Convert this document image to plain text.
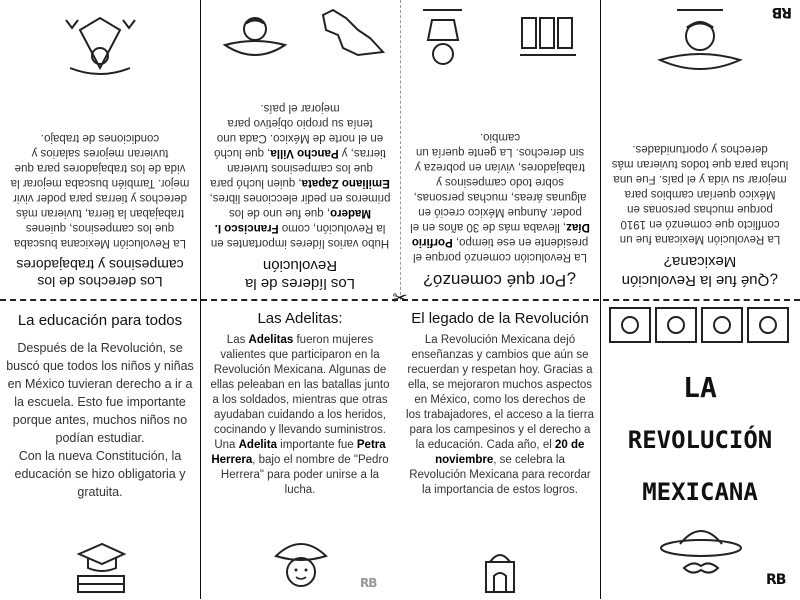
✂
Los derechos de los campesinos y trabajadores
La Revolución Mexicana buscaba que los campesinos, quienes trabajaban la tierra, tuvieran más derechos y tierras para poder vivir mejor. También buscaba mejorar la vida de los trabajadores para que tuvieran mejores salarios y condiciones de trabajo.
Los líderes de la Revolución
Hubo varios líderes importantes en la Revolución, como Francisco I. Madero, que fue uno de los primeros en pedir elecciones libres, Emiliano Zapata, quien luchó para que los campesinos tuvieran tierras, y Pancho Villa, que luchó en el norte de México. Cada uno tenía su propio objetivo para mejorar el país.
¿Por qué comenzó?
La Revolución comenzó porque el presidente en ese tiempo, Porfirio Díaz, llevaba más de 30 años en el poder. Aunque México creció en algunas áreas, muchas personas, sobre todo campesinos y trabajadores, vivían en pobreza y sin derechos. La gente quería un cambio.
¿Qué fue la Revolución Mexicana?
La Revolución Mexicana fue un conflicto que comenzó en 1910 porque muchas personas en México querían cambios para mejorar su vida y el país. Fue una lucha para que todos tuvieran más derechos y oportunidades.
RB
La educación para todos
Después de la Revolución, se buscó que todos los niños y niñas en México tuvieran derecho a ir a la escuela. Esto fue importante porque antes, muchos niños no podían estudiar.
Con la nueva Constitución, la educación se hizo obligatoria y gratuita.
Las Adelitas:
Las Adelitas fueron mujeres valientes que participaron en la Revolución Mexicana. Algunas de ellas peleaban en las batallas junto a los soldados, mientras que otras ayudaban cuidando a los heridos, cocinando y llevando suministros.
Una Adelita importante fue Petra Herrera, bajo el nombre de "Pedro Herrera" para poder unirse a la lucha.
RB
El legado de la Revolución
La Revolución Mexicana dejó enseñanzas y cambios que aún se recuerdan y respetan hoy. Gracias a ella, se mejoraron muchos aspectos en México, como los derechos de los trabajadores, el acceso a la tierra para los campesinos y el derecho a la educación. Cada año, el 20 de noviembre, se celebra la Revolución Mexicana para recordar la importancia de estos logros.
LA
REVOLUCIÓN
MEXICANA
RB
